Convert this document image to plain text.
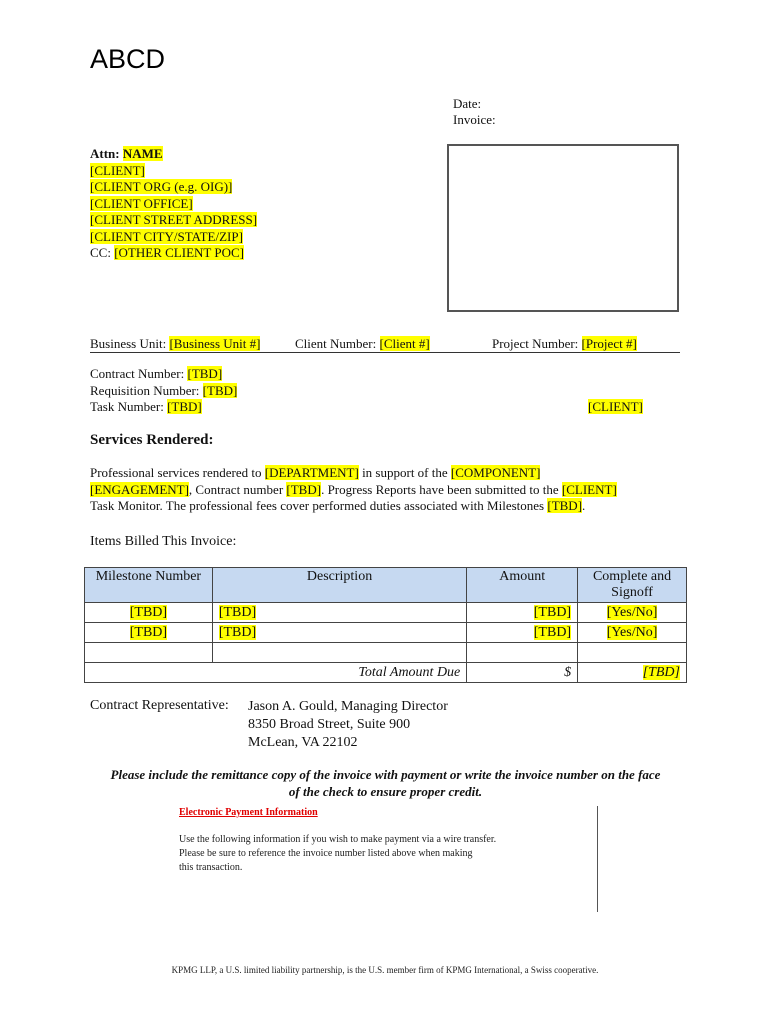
ABCD
Date:
Invoice:
Attn: NAME
[CLIENT]
[CLIENT ORG (e.g. OIG)]
[CLIENT OFFICE]
[CLIENT STREET ADDRESS]
[CLIENT CITY/STATE/ZIP]
CC: [OTHER CLIENT POC]
Business Unit: [Business Unit #]	Client Number: [Client #]	Project Number: [Project #]
Contract Number: [TBD]
Requisition Number: [TBD]
Task Number: [TBD]	[CLIENT]
Services Rendered:
Professional services rendered to [DEPARTMENT] in support of the [COMPONENT]
[ENGAGEMENT], Contract number [TBD]. Progress Reports have been submitted to the [CLIENT]
Task Monitor. The professional fees cover performed duties associated with Milestones [TBD].
Items Billed This Invoice:
Milestone Number	Description	Amount	Complete and Signoff
[TBD]	[TBD]	[TBD]	[Yes/No]
[TBD]	[TBD]	[TBD]	[Yes/No]

Total Amount Due		$	[TBD]
Contract Representative: Jason A. Gould, Managing Director
8350 Broad Street, Suite 900
McLean, VA 22102
Please include the remittance copy of the invoice with payment or write the invoice number on the face
of the check to ensure proper credit.
Electronic Payment Information
Use the following information if you wish to make payment via a wire transfer.
Please be sure to reference the invoice number listed above when making
this transaction.
KPMG LLP, a U.S. limited liability partnership, is the U.S. member firm of KPMG International, a Swiss cooperative.
